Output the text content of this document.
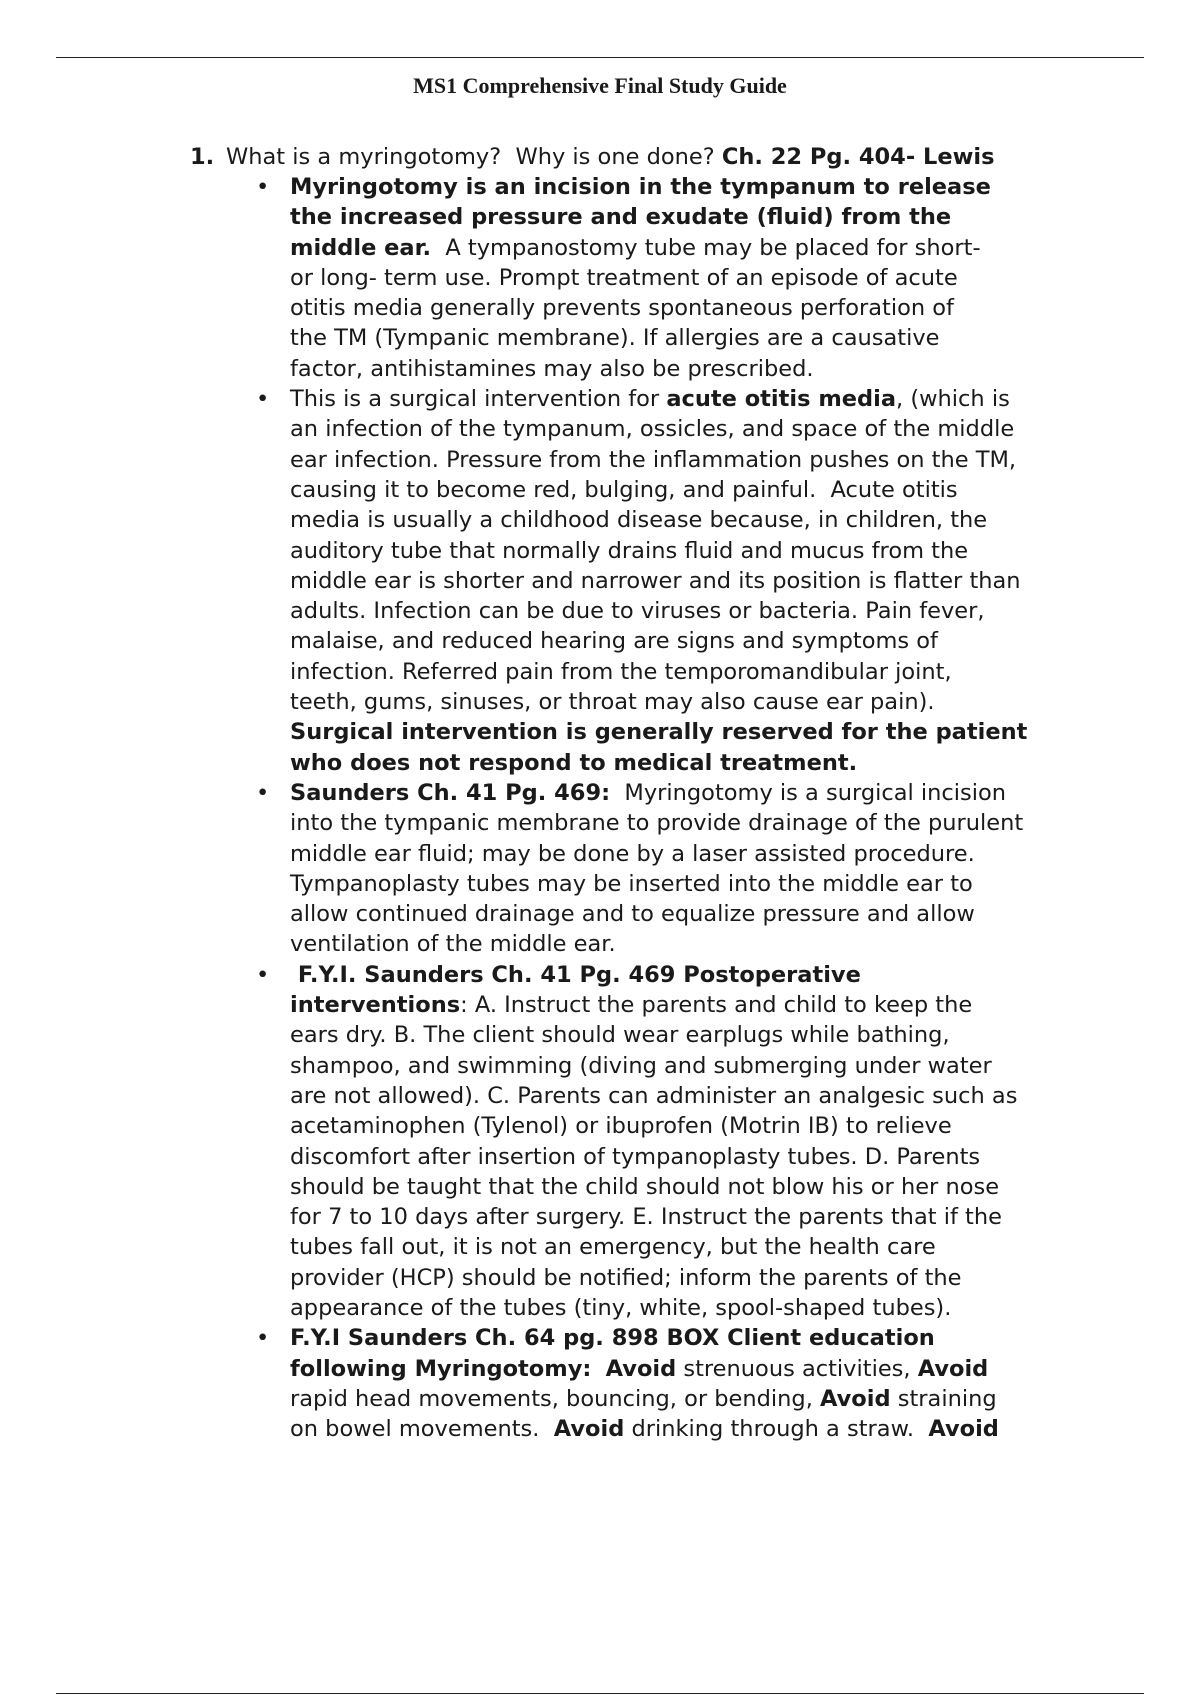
MS1 Comprehensive Final Study Guide
1. What is a myringotomy?  Why is one done? Ch. 22 Pg. 404- Lewis
• Myringotomy is an incision in the tympanum to release
the increased pressure and exudate (fluid) from the
middle ear.  A tympanostomy tube may be placed for short-
or long- term use. Prompt treatment of an episode of acute
otitis media generally prevents spontaneous perforation of
the TM (Tympanic membrane). If allergies are a causative
factor, antihistamines may also be prescribed.
• This is a surgical intervention for acute otitis media, (which is
an infection of the tympanum, ossicles, and space of the middle
ear infection. Pressure from the inflammation pushes on the TM,
causing it to become red, bulging, and painful.  Acute otitis
media is usually a childhood disease because, in children, the
auditory tube that normally drains fluid and mucus from the
middle ear is shorter and narrower and its position is flatter than
adults. Infection can be due to viruses or bacteria. Pain fever,
malaise, and reduced hearing are signs and symptoms of
infection. Referred pain from the temporomandibular joint,
teeth, gums, sinuses, or throat may also cause ear pain).
Surgical intervention is generally reserved for the patient
who does not respond to medical treatment.
• Saunders Ch. 41 Pg. 469:  Myringotomy is a surgical incision
into the tympanic membrane to provide drainage of the purulent
middle ear fluid; may be done by a laser assisted procedure.
Tympanoplasty tubes may be inserted into the middle ear to
allow continued drainage and to equalize pressure and allow
ventilation of the middle ear.
• F.Y.I. Saunders Ch. 41 Pg. 469 Postoperative
interventions: A. Instruct the parents and child to keep the
ears dry. B. The client should wear earplugs while bathing,
shampoo, and swimming (diving and submerging under water
are not allowed). C. Parents can administer an analgesic such as
acetaminophen (Tylenol) or ibuprofen (Motrin IB) to relieve
discomfort after insertion of tympanoplasty tubes. D. Parents
should be taught that the child should not blow his or her nose
for 7 to 10 days after surgery. E. Instruct the parents that if the
tubes fall out, it is not an emergency, but the health care
provider (HCP) should be notified; inform the parents of the
appearance of the tubes (tiny, white, spool-shaped tubes).
• F.Y.I Saunders Ch. 64 pg. 898 BOX Client education
following Myringotomy: Avoid strenuous activities, Avoid
rapid head movements, bouncing, or bending, Avoid straining
on bowel movements.  Avoid drinking through a straw.  Avoid
